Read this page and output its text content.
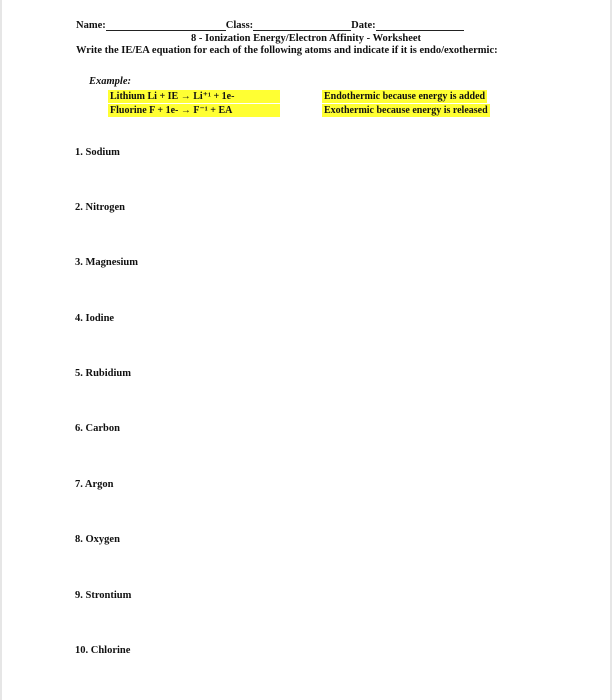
Name:	Class:	Date:
8 - Ionization Energy/Electron Affinity - Worksheet
Write the IE/EA equation for each of the following atoms and indicate if it is endo/exothermic:
Example:
Lithium Li + IE → Li⁺¹ + 1e-	Endothermic because energy is added
Fluorine F + 1e- → F⁻¹ + EA	Exothermic because energy is released
1. Sodium
2. Nitrogen
3. Magnesium
4. Iodine
5. Rubidium
6. Carbon
7. Argon
8. Oxygen
9. Strontium
10. Chlorine
